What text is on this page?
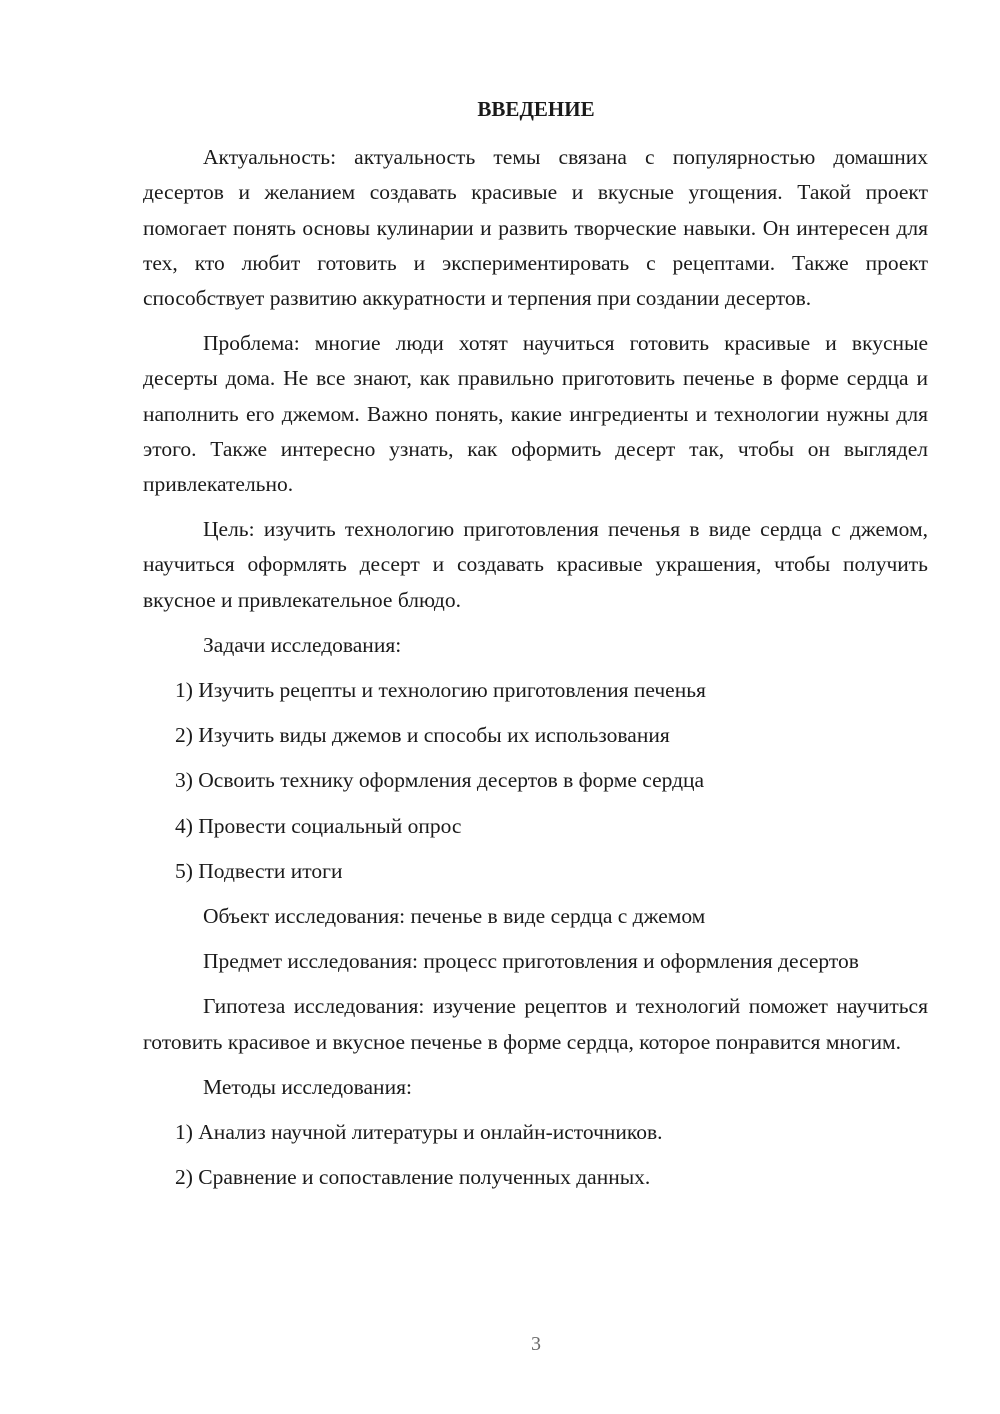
ВВЕДЕНИЕ

Актуальность: актуальность темы связана с популярностью домашних десертов и желанием создавать красивые и вкусные угощения. Такой проект помогает понять основы кулинарии и развить творческие навыки. Он интересен для тех, кто любит готовить и экспериментировать с рецептами. Также проект способствует развитию аккуратности и терпения при создании десертов.

Проблема: многие люди хотят научиться готовить красивые и вкусные десерты дома. Не все знают, как правильно приготовить печенье в форме сердца и наполнить его джемом. Важно понять, какие ингредиенты и технологии нужны для этого. Также интересно узнать, как оформить десерт так, чтобы он выглядел привлекательно.

Цель: изучить технологию приготовления печенья в виде сердца с джемом, научиться оформлять десерт и создавать красивые украшения, чтобы получить вкусное и привлекательное блюдо.

Задачи исследования:

1) Изучить рецепты и технологию приготовления печенья

2) Изучить виды джемов и способы их использования

3) Освоить технику оформления десертов в форме сердца

4) Провести социальный опрос

5) Подвести итоги

Объект исследования: печенье в виде сердца с джемом

Предмет исследования: процесс приготовления и оформления десертов

Гипотеза исследования: изучение рецептов и технологий поможет научиться готовить красивое и вкусное печенье в форме сердца, которое понравится многим.

Методы исследования:

1) Анализ научной литературы и онлайн-источников.

2) Сравнение и сопоставление полученных данных.

3
